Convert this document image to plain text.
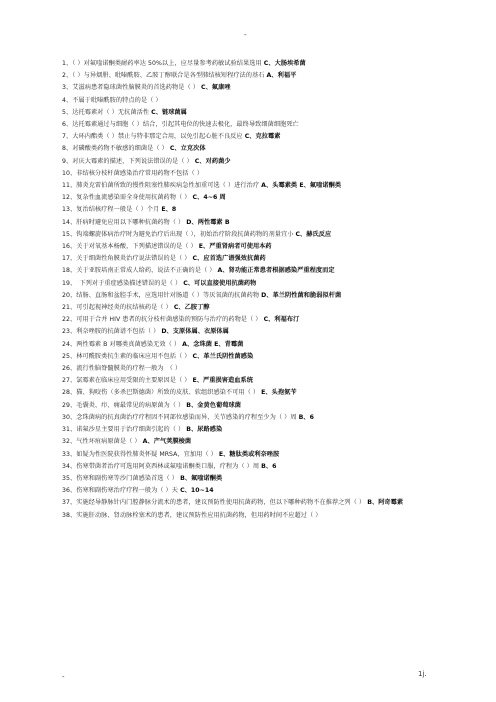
-
1、（ ）对氟喹诺酮类耐药率达 50%以上，应尽量参考药敏试验结果选用 C、大肠埃希菌
2、（ ）与异烟肼、吡嗪酰胺、乙胺丁醇联合是各型肺结核短程疗法的基石 A、利福平
3、艾滋病患者隐球菌性脑膜炎的首选药物是（ ） C、氟康唑
4、不属于吡嗪酰胺的特点的是（ ）
5、达托霉素对（ ）无抗菌活性 C、链球菌属
6、达托霉素通过与细胞（ ）结合，引起其电位的快速去极化，最终导致细菌细胞死亡
7、大环内酯类（ ）禁止与特非那定合用，以免引起心脏不良反应 C、克拉霉素
8、对磷酸类药物不敏感的细菌是（ ） C、立克次体
9、对庆大霉素的描述，下列说法错误的是（ ） C、对药菌少
10、非结核分枝杆菌感染治疗常用药物不包括（ ）
11、肺炎克雷伯菌所致的慢性阻塞性肺疾病急性加重可选（ ）进行治疗 A、头霉素类 E、氟喹诺酮类
12、复杂性血流感染需全身使用抗菌药物（ ） C、4~6 周
13、复治结核疗程一般是（ ）个月 E、8
14、肝病时避免应用以下哪种抗菌药物（ ） D、两性霉素 B
15、钩端螺旋体病治疗时为避免治疗后出现（ ），初始治疗阶段抗菌药物的剂量宜小 C、赫氏反应
16、关于对氧基本杨酸，下列描述错误的是（ ） E、严重肾病者可使用本药
17、关于细菌性角膜炎治疗说法错误的是（ ） C、应首选广谱强效抗菌药
18、关于亚胺培南正常成人给药，说法不正确的是（ ） A、肾功能正常患者根据感染严重程度而定
19、　下列对于重症感染描述错误的是（ ） C、可以直接使用抗菌药物
20、结肠、直肠和盆腔手术，应选用针对肠道（ ）等厌氧菌的抗菌药物 D、革兰阴性菌和脆弱拟杆菌
21、可引起视神经炎的抗结核药是（ ） C、乙胺丁醇
22、可用于合并 HIV 患者的抗分枝杆菌感染的预防与治疗的药物是（ ） C、利福布汀
23、利奈唑胺的抗菌谱不包括（ ） D、支原体属、衣原体属
24、两性霉素 B 对哪类真菌感染无效（ ） A、念珠菌 E、青霉菌
25、林可酰胺类抗生素的临床应用不包括（ ） C、革兰氏阴性菌感染
26、流行性脑脊髓膜炎的疗程一般为　（ ）
27、氯霉素在临床应用受限的主要原因是（ ） E、严重损害造血系统
28、猫、狗咬伤（多杀巴斯德菌）所致的皮肤、软组织感染不可用（ ） E、头孢氨苄
29、毛囊炎、疖、痈最常见的病原菌为（ ） B、金黄色葡萄球菌
30、念珠菌病的抗真菌治疗疗程因不同部位感染而异，关节感染的疗程至少为（ ）周 B、6
31、诺氟沙星主要用于治疗细菌引起的（ ） B、尿路感染
32、气性坏疽病原菌是（ ） A、产气荚膜梭菌
33、如疑为性医院获得性肺炎怀疑 MRSA，宜加用（ ） E、糖肽类或利奈唑胺
34、伤寒带菌者治疗可选用阿莫西林或氟喹诺酮类口服，疗程为（ ）周 B、6
35、伤寒和副伤寒等沙门菌感染首选（ ） B、氟喹诺酮类
36、伤寒和副伤寒治疗疗程一般为（ ）天 C、10~14
37、实施经导静脉针内门腔静脉分流术的患者，建议预防性使用抗菌药物，但以下哪种药物不在推荐之列（ ） B、阿奇霉素
38、实施肝动脉、肾动脉栓塞术的患者，建议预防性应用抗菌药物，但用药时间不应超过（ ）
-	1j.
